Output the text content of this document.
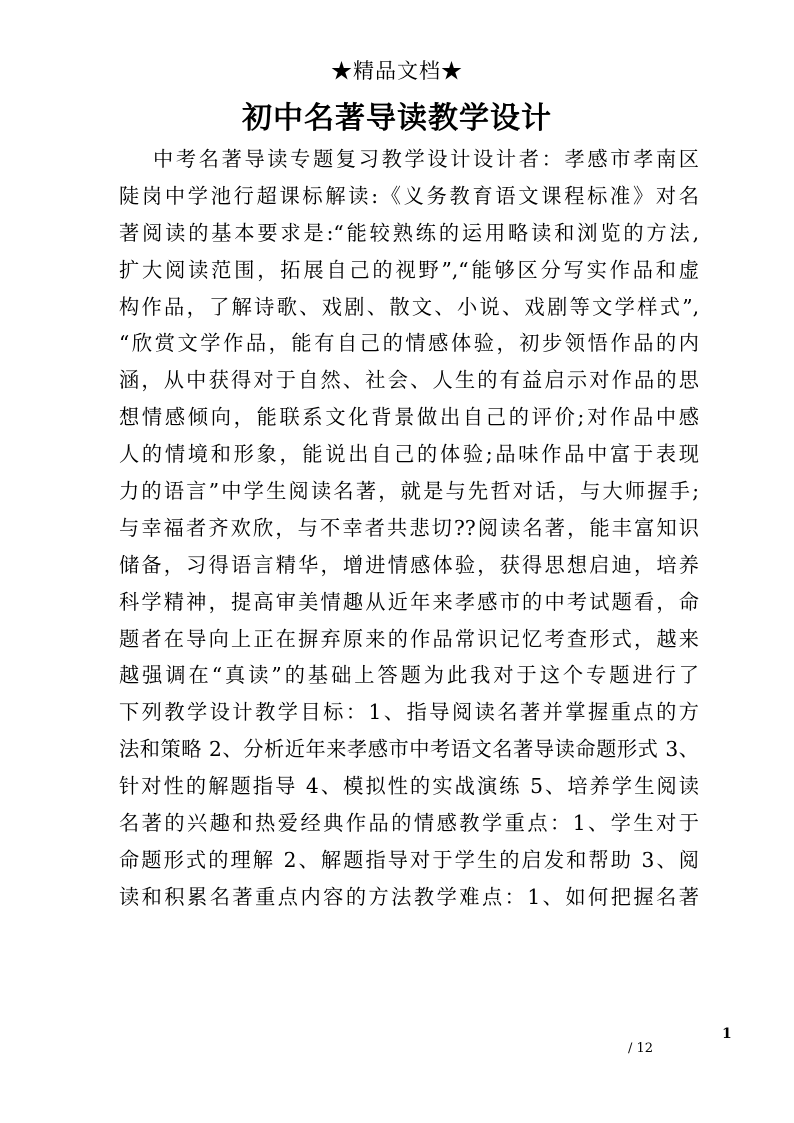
★精品文档★
初中名著导读教学设计
中考名著导读专题复习教学设计设计者：孝感市孝南区
陡岗中学池行超课标解读:《义务教育语文课程标准》对名
著阅读的基本要求是:“能较熟练的运用略读和浏览的方法,
扩大阅读范围，拓展自己的视野”,“能够区分写实作品和虚
构作品，了解诗歌、戏剧、散文、小说、戏剧等文学样式”,
“欣赏文学作品，能有自己的情感体验，初步领悟作品的内
涵，从中获得对于自然、社会、人生的有益启示对作品的思
想情感倾向，能联系文化背景做出自己的评价;对作品中感
人的情境和形象，能说出自己的体验;品味作品中富于表现
力的语言”中学生阅读名著，就是与先哲对话，与大师握手;
与幸福者齐欢欣，与不幸者共悲切??阅读名著，能丰富知识
储备，习得语言精华，增进情感体验，获得思想启迪，培养
科学精神，提高审美情趣从近年来孝感市的中考试题看，命
题者在导向上正在摒弃原来的作品常识记忆考查形式，越来
越强调在“真读”的基础上答题为此我对于这个专题进行了
下列教学设计教学目标：1、指导阅读名著并掌握重点的方
法和策略 2、分析近年来孝感市中考语文名著导读命题形式 3、
针对性的解题指导 4、模拟性的实战演练 5、培养学生阅读
名著的兴趣和热爱经典作品的情感教学重点：1、学生对于
命题形式的理解 2、解题指导对于学生的启发和帮助 3、阅
读和积累名著重点内容的方法教学难点：1、如何把握名著
1
/ 12
